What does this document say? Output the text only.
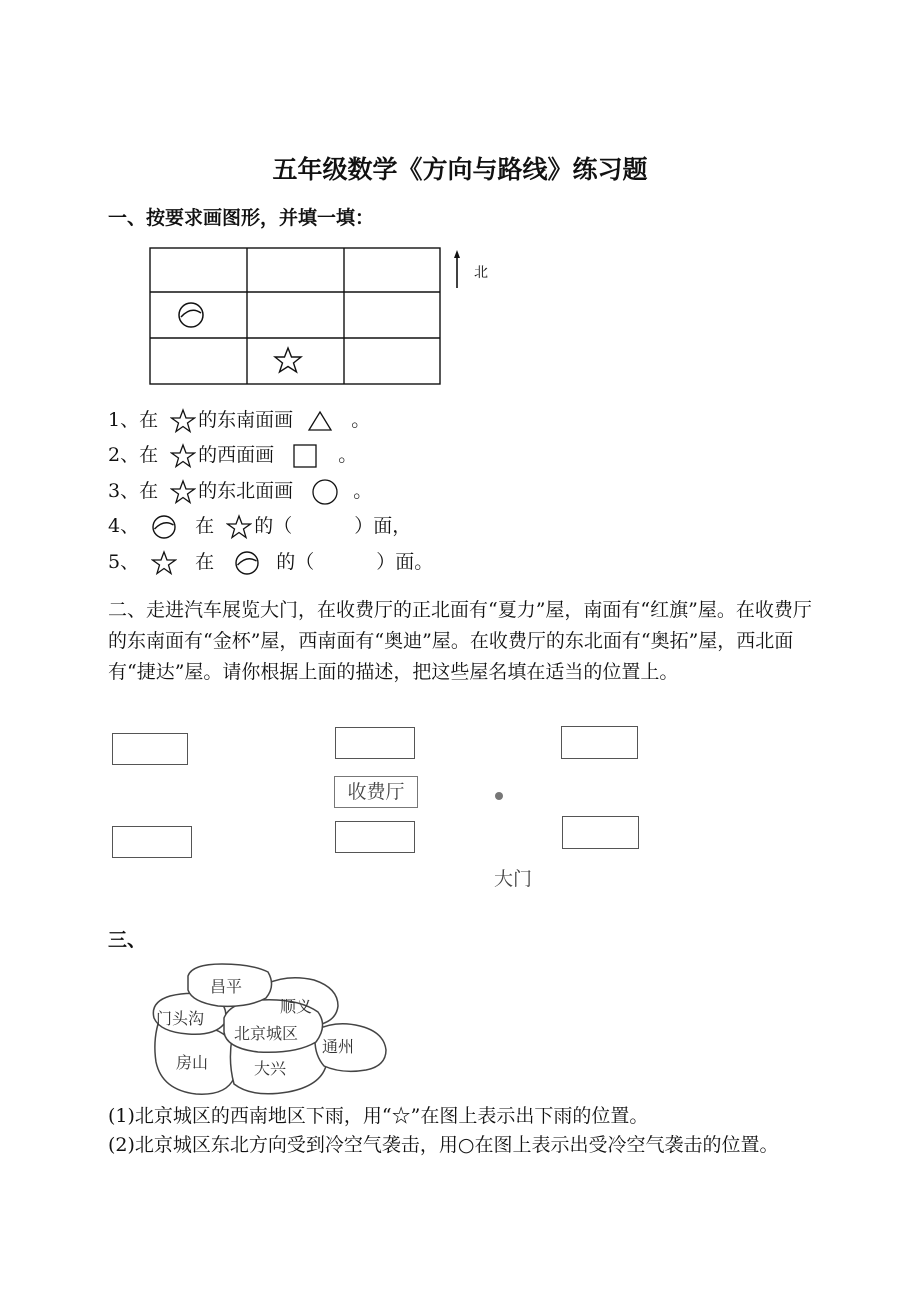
五年级数学《方向与路线》练习题
一、按要求画图形，并填一填：
北
1、在 的东南面画	。
2、在 的西面画	。
3、在 的东北面画	。
4、	在 的（	）面，
5、	在	的（	）面。
二、走进汽车展览大门，在收费厅的正北面有“夏力”屋，南面有“红旗”屋。在收费厅的东南面有“金杯”屋，西南面有“奥迪”屋。在收费厅的东北面有“奥拓”屋，西北面有“捷达”屋。请你根据上面的描述，把这些屋名填在适当的位置上。
收费厅
大门
三、
昌平
顺义
门头沟
北京城区
通州
房山	大兴
(1)北京城区的西南地区下雨，用“☆”在图上表示出下雨的位置。
(2)北京城区东北方向受到冷空气袭击，用○在图上表示出受冷空气袭击的位置。
